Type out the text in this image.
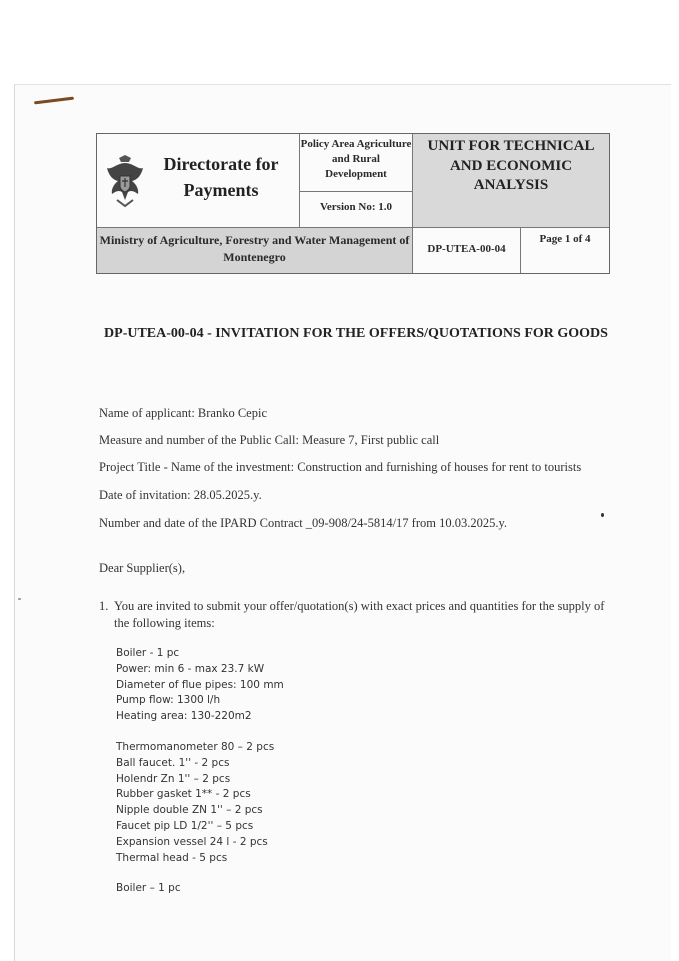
Directorate for Payments
Policy Area Agriculture and Rural Development
Version No: 1.0
UNIT FOR TECHNICAL AND ECONOMIC ANALYSIS
Ministry of Agriculture, Forestry and Water Management of Montenegro
DP-UTEA-00-04
Page 1 of 4
DP-UTEA-00-04 - INVITATION FOR THE OFFERS/QUOTATIONS FOR GOODS
Name of applicant: Branko Cepic
Measure and number of the Public Call: Measure 7, First public call
Project Title - Name of the investment: Construction and furnishing of houses for rent to tourists
Date of invitation: 28.05.2025.y.
Number and date of the IPARD Contract _09-908/24-5814/17 from 10.03.2025.y.
Dear Supplier(s),
1. You are invited to submit your offer/quotation(s) with exact prices and quantities for the supply of the following items:
Boiler - 1 pc
Power: min 6 - max 23.7 kW
Diameter of flue pipes: 100 mm
Pump flow: 1300 l/h
Heating area: 130-220m2
Thermomanometer 80 – 2 pcs
Ball faucet. 1'' - 2 pcs
Holendr Zn 1'' – 2 pcs
Rubber gasket 1** - 2 pcs
Nipple double ZN 1'' – 2 pcs
Faucet pip LD 1/2'' – 5 pcs
Expansion vessel 24 l - 2 pcs
Thermal head - 5 pcs
Boiler – 1 pc
